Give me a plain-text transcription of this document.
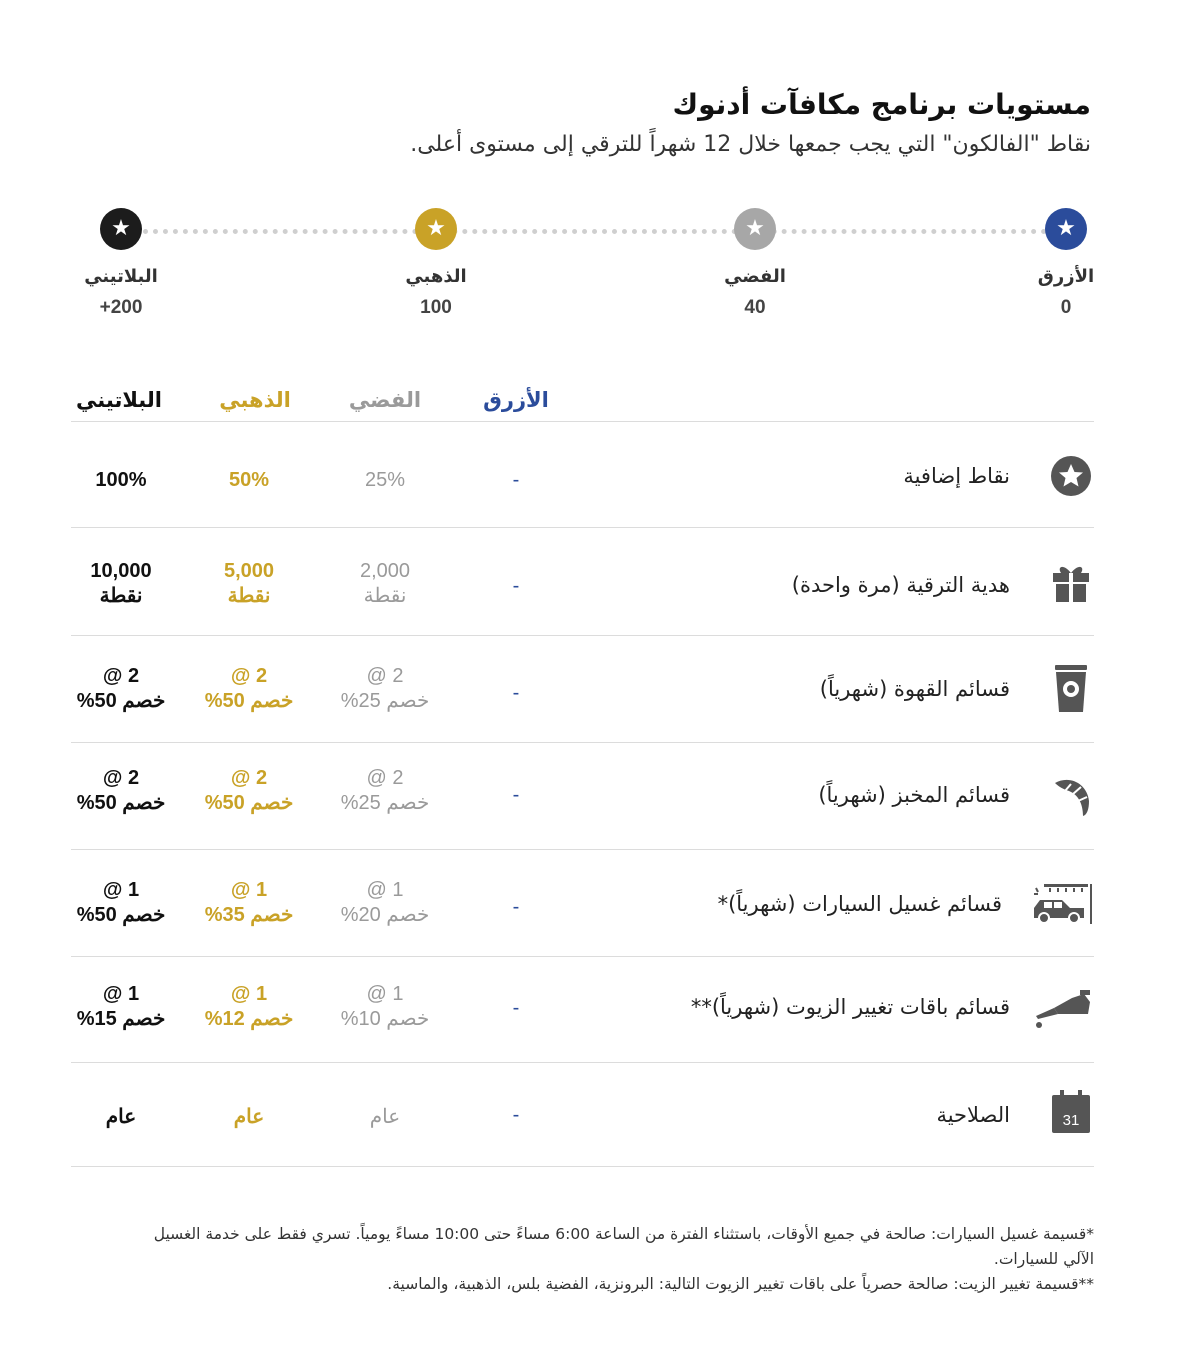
مستويات برنامج مكافآت أدنوك

نقاط "الفالكون" التي يجب جمعها خلال 12 شهراً للترقي إلى مستوى أعلى.

★
الأزرق
0
★
الفضي
40
★
الذهبي
100
★
البلاتيني
200+
الأزرق
الفضي
الذهبي
البلاتيني
نقاط إضافية
-
25%
50%
100%
هدية الترقية (مرة واحدة)
-
2,000
نقطة
5,000
نقطة
10,000
نقطة
قسائم القهوة (شهرياً)
-
2 @
خصم 25%
2 @
خصم 50%
2 @
خصم 50%
قسائم المخبز (شهرياً)
-
2 @
خصم 25%
2 @
خصم 50%
2 @
خصم 50%
قسائم غسيل السيارات (شهرياً)*
-
1 @
خصم 20%
1 @
خصم 35%
1 @
خصم 50%
قسائم باقات تغيير الزيوت (شهرياً)**
-
1 @
خصم 10%
1 @
خصم 12%
1 @
خصم 15%
31
الصلاحية
-
عام
عام
عام

*قسيمة غسيل السيارات: صالحة في جميع الأوقات، باستثناء الفترة من الساعة 6:00 مساءً حتى 10:00 مساءً يومياً. تسري فقط على خدمة الغسيل الآلي للسيارات.

**قسيمة تغيير الزيت: صالحة حصرياً على باقات تغيير الزيوت التالية: البرونزية، الفضية بلس، الذهبية، والماسية.
